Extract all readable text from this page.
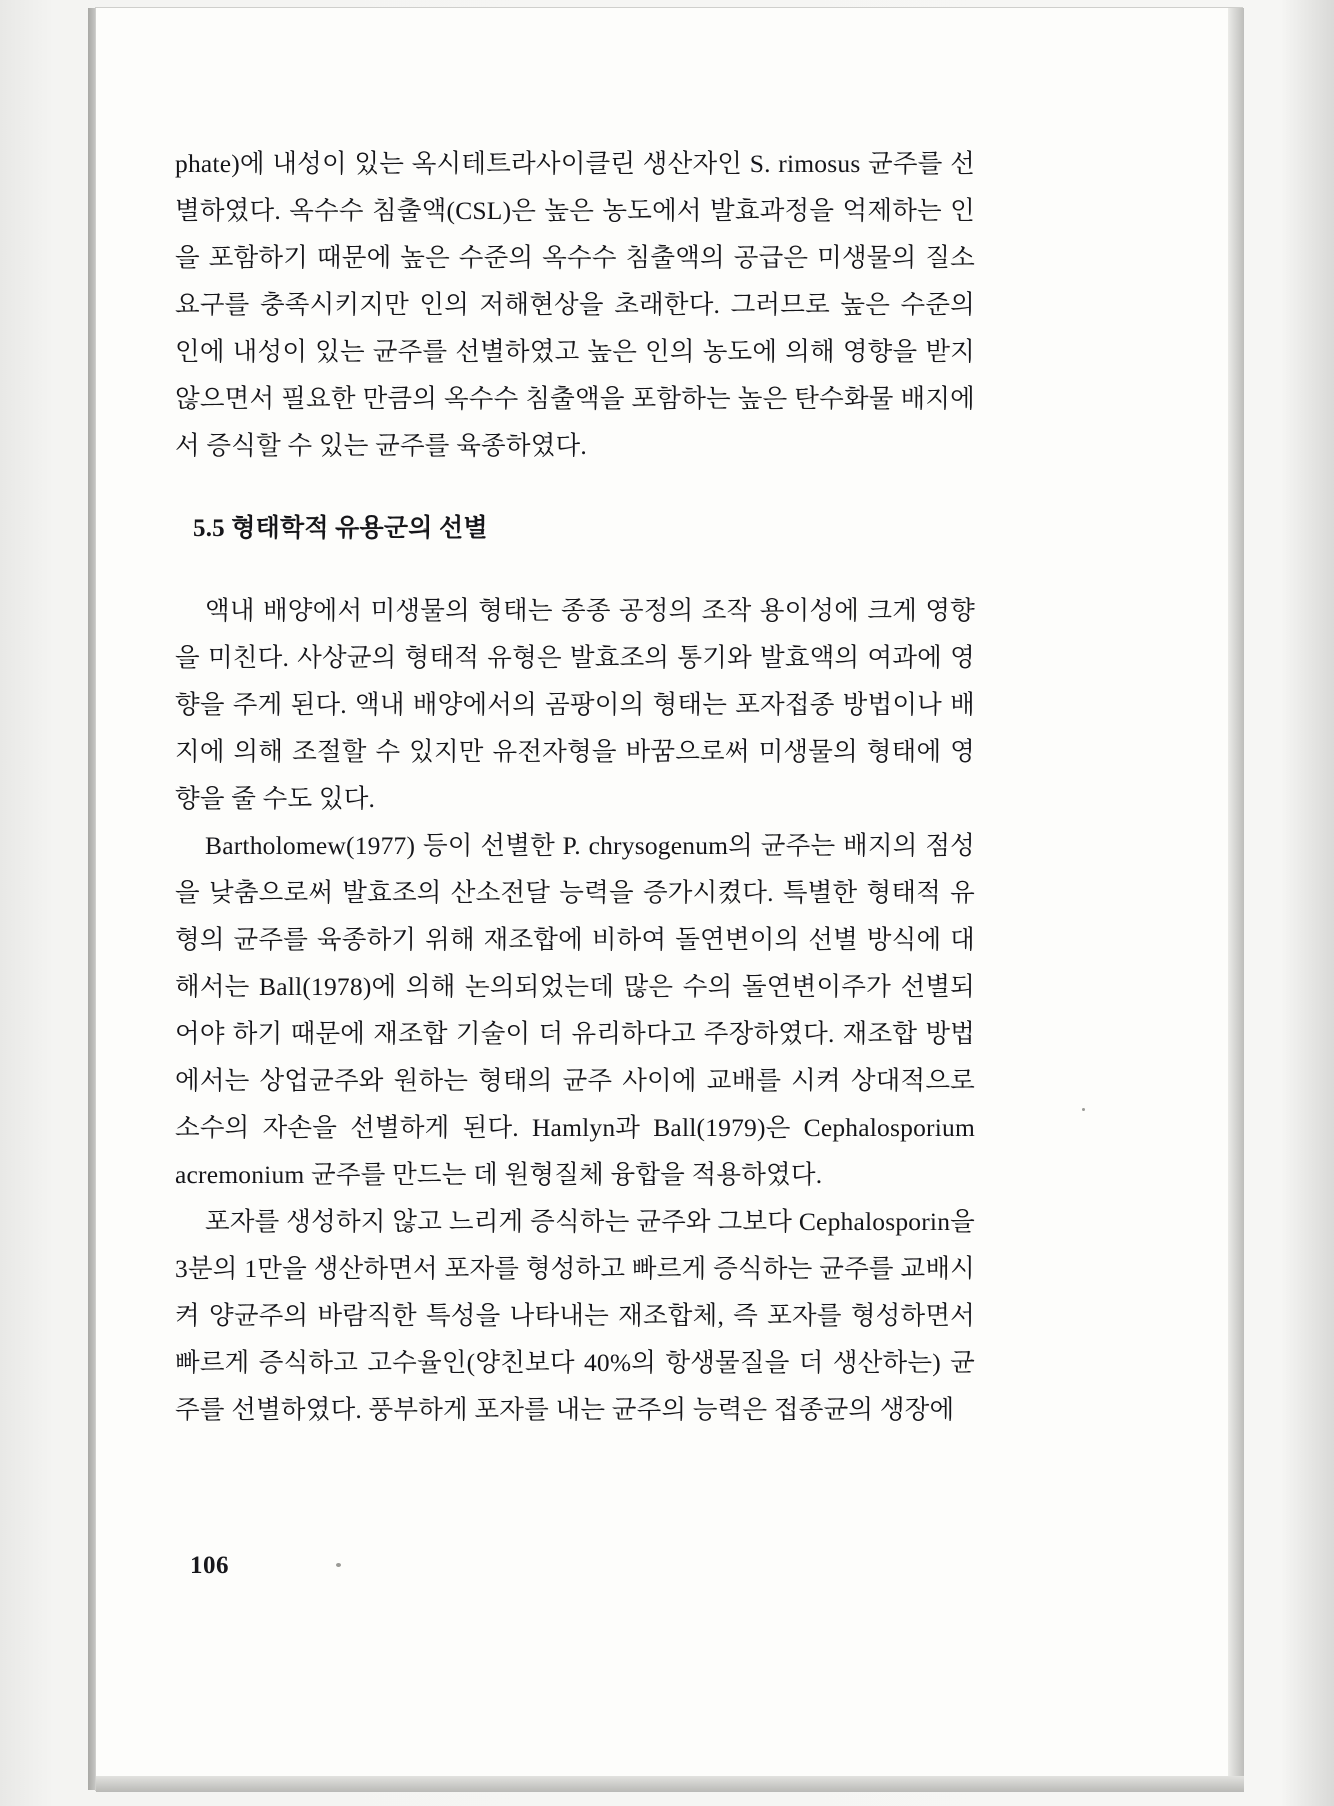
phate)에 내성이 있는 옥시테트라사이클린 생산자인 S. rimosus 균주를 선별하였다. 옥수수 침출액(CSL)은 높은 농도에서 발효과정을 억제하는 인을 포함하기 때문에 높은 수준의 옥수수 침출액의 공급은 미생물의 질소 요구를 충족시키지만 인의 저해현상을 초래한다. 그러므로 높은 수준의 인에 내성이 있는 균주를 선별하였고 높은 인의 농도에 의해 영향을 받지 않으면서 필요한 만큼의 옥수수 침출액을 포함하는 높은 탄수화물 배지에서 증식할 수 있는 균주를 육종하였다.

5.5 형태학적 유용군의 선별

액내 배양에서 미생물의 형태는 종종 공정의 조작 용이성에 크게 영향을 미친다. 사상균의 형태적 유형은 발효조의 통기와 발효액의 여과에 영향을 주게 된다. 액내 배양에서의 곰팡이의 형태는 포자접종 방법이나 배지에 의해 조절할 수 있지만 유전자형을 바꿈으로써 미생물의 형태에 영향을 줄 수도 있다.

Bartholomew(1977) 등이 선별한 P. chrysogenum의 균주는 배지의 점성을 낮춤으로써 발효조의 산소전달 능력을 증가시켰다. 특별한 형태적 유형의 균주를 육종하기 위해 재조합에 비하여 돌연변이의 선별 방식에 대해서는 Ball(1978)에 의해 논의되었는데 많은 수의 돌연변이주가 선별되어야 하기 때문에 재조합 기술이 더 유리하다고 주장하였다. 재조합 방법에서는 상업균주와 원하는 형태의 균주 사이에 교배를 시켜 상대적으로 소수의 자손을 선별하게 된다. Hamlyn과 Ball(1979)은 Cephalosporium acremonium 균주를 만드는 데 원형질체 융합을 적용하였다.

포자를 생성하지 않고 느리게 증식하는 균주와 그보다 Cephalosporin을 3분의 1만을 생산하면서 포자를 형성하고 빠르게 증식하는 균주를 교배시켜 양균주의 바람직한 특성을 나타내는 재조합체, 즉 포자를 형성하면서 빠르게 증식하고 고수율인(양친보다 40%의 항생물질을 더 생산하는) 균주를 선별하였다. 풍부하게 포자를 내는 균주의 능력은 접종균의 생장에

106
